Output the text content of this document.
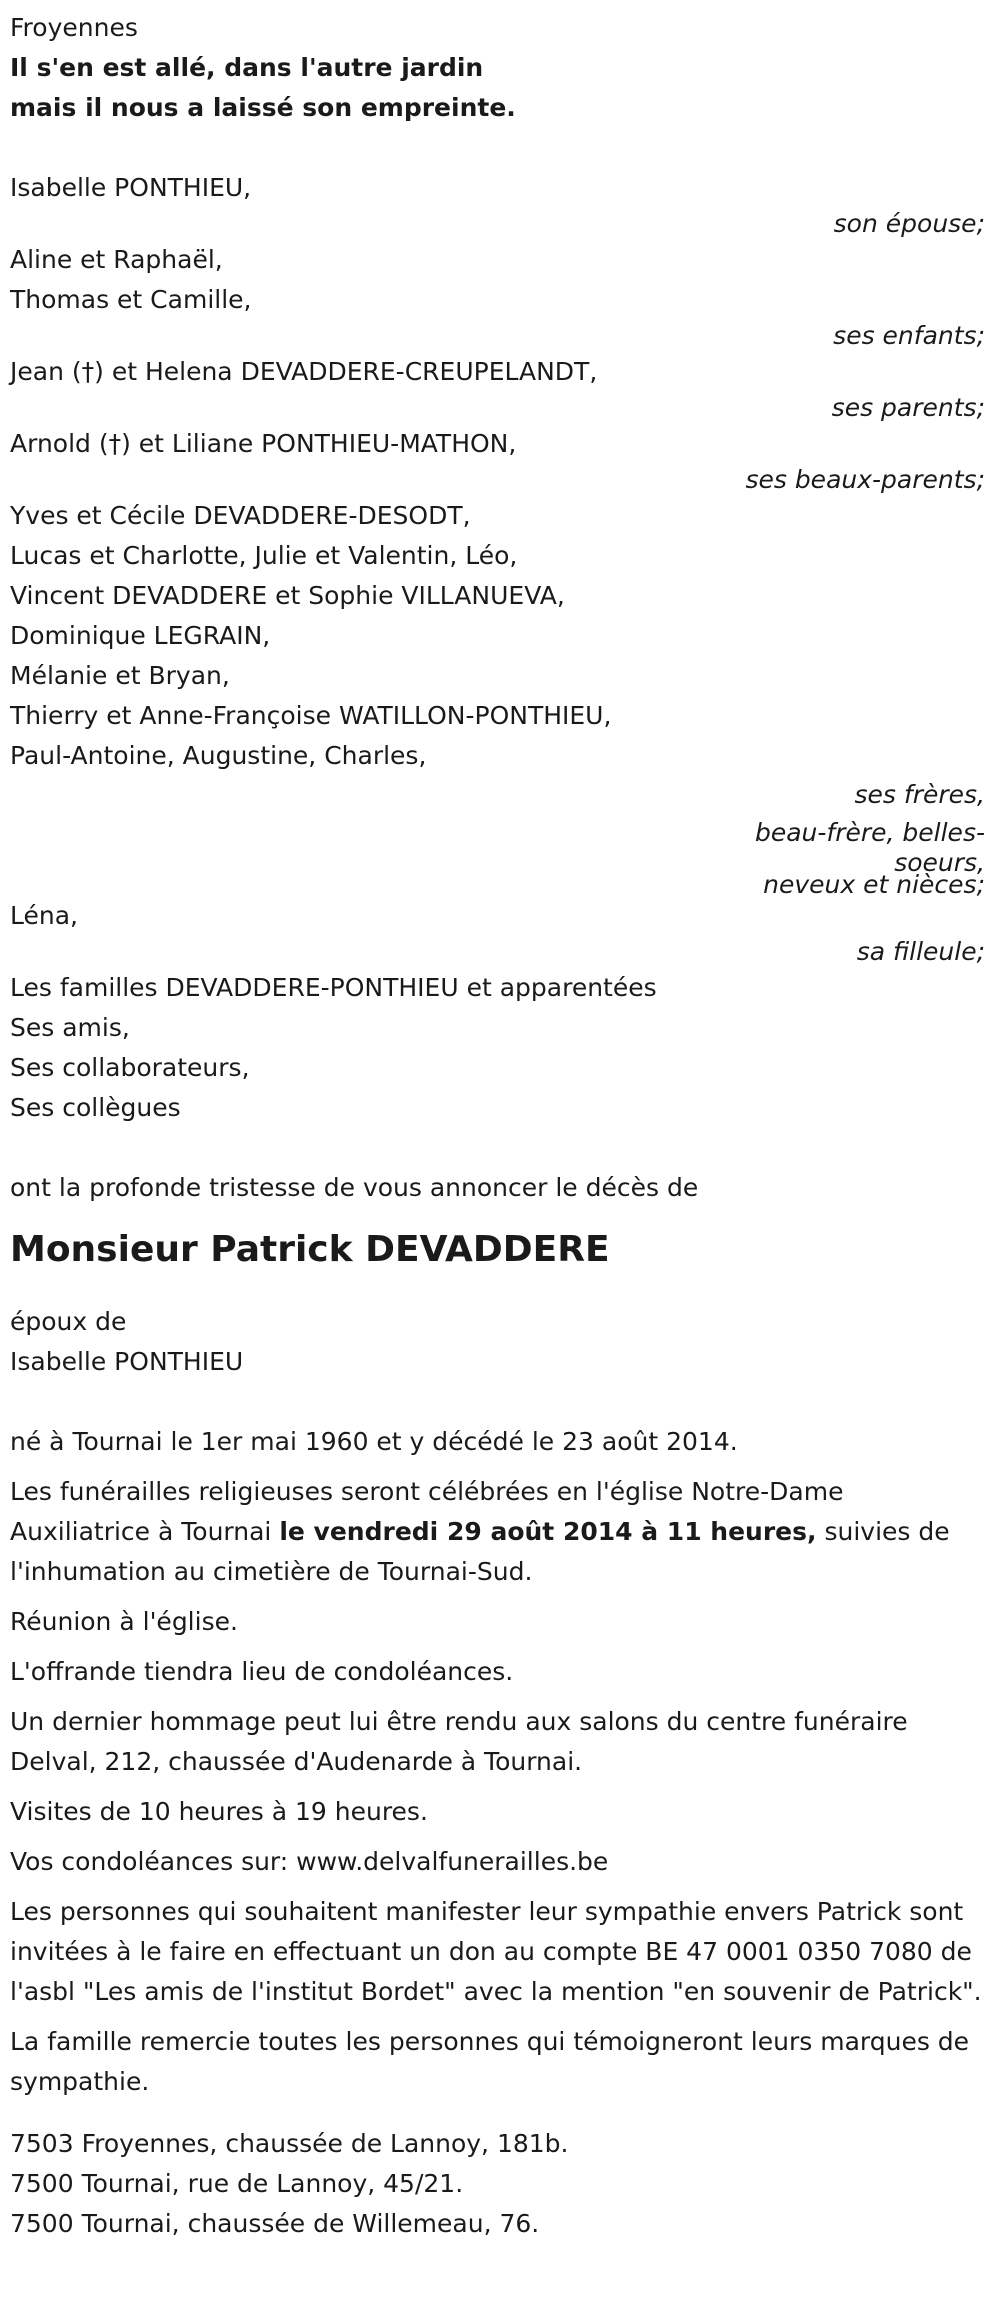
Froyennes
Il s'en est allé, dans l'autre jardin
mais il nous a laissé son empreinte.
Isabelle PONTHIEU,
son épouse;
Aline et Raphaël,
Thomas et Camille,
ses enfants;
Jean (†) et Helena DEVADDERE-CREUPELANDT,
ses parents;
Arnold (†) et Liliane PONTHIEU-MATHON,
ses beaux-parents;
Yves et Cécile DEVADDERE-DESODT,
Lucas et Charlotte, Julie et Valentin, Léo,
Vincent DEVADDERE et Sophie VILLANUEVA,
Dominique LEGRAIN,
Mélanie et Bryan,
Thierry et Anne-Françoise WATILLON-PONTHIEU,
Paul-Antoine, Augustine, Charles,
ses frères,
beau-frère, belles-
soeurs,
neveux et nièces;
Léna,
sa filleule;
Les familles DEVADDERE-PONTHIEU et apparentées
Ses amis,
Ses collaborateurs,
Ses collègues
ont la profonde tristesse de vous annoncer le décès de
Monsieur Patrick DEVADDERE
époux de
Isabelle PONTHIEU
né à Tournai le 1er mai 1960 et y décédé le 23 août 2014.
Les funérailles religieuses seront célébrées en l'église Notre-Dame Auxiliatrice à Tournai le vendredi 29 août 2014 à 11 heures, suivies de l'inhumation au cimetière de Tournai-Sud.
Réunion à l'église.
L'offrande tiendra lieu de condoléances.
Un dernier hommage peut lui être rendu aux salons du centre funéraire Delval, 212, chaussée d'Audenarde à Tournai.
Visites de 10 heures à 19 heures.
Vos condoléances sur: www.delvalfunerailles.be
Les personnes qui souhaitent manifester leur sympathie envers Patrick sont invitées à le faire en effectuant un don au compte BE 47 0001 0350 7080 de l'asbl "Les amis de l'institut Bordet" avec la mention "en souvenir de Patrick".
La famille remercie toutes les personnes qui témoigneront leurs marques de sympathie.
7503 Froyennes, chaussée de Lannoy, 181b.
7500 Tournai, rue de Lannoy, 45/21.
7500 Tournai, chaussée de Willemeau, 76.
